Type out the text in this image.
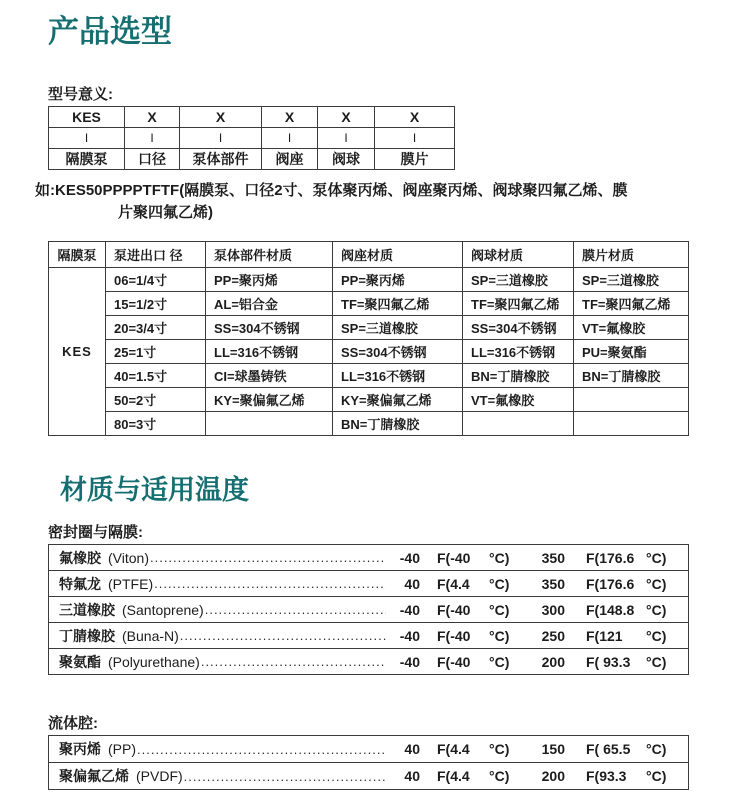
产品选型
型号意义:
KES	X	X	X	X	X
I	I	I	I	I	I
隔膜泵	口径	泵体部件	阀座	阀球	膜片
如:KES50PPPPTFTF(隔膜泵、口径2寸、泵体聚丙烯、阀座聚丙烯、阀球聚四氟乙烯、膜
片聚四氟乙烯)
隔膜泵	泵进出口 径	泵体部件材质	阀座材质	阀球材质	膜片材质
KES	06=1/4寸	PP=聚丙烯	PP=聚丙烯	SP=三道橡胶	SP=三道橡胶
	15=1/2寸	AL=铝合金	TF=聚四氟乙烯	TF=聚四氟乙烯	TF=聚四氟乙烯
	20=3/4寸	SS=304不锈钢	SP=三道橡胶	SS=304不锈钢	VT=氟橡胶
	25=1寸	LL=316不锈钢	SS=304不锈钢	LL=316不锈钢	PU=聚氨酯
	40=1.5寸	CI=球墨铸铁	LL=316不锈钢	BN=丁腈橡胶	BN=丁腈橡胶
	50=2寸	KY=聚偏氟乙烯	KY=聚偏氟乙烯	VT=氟橡胶	
	80=3寸		BN=丁腈橡胶		
材质与适用温度
密封圈与隔膜:
氟橡胶 (Viton) .....	-40 F(-40	°C)	350 F(176.6 °C)
特氟龙 (PTFE) .....	40 F(4.4	°C)	350 F(176.6 °C)
三道橡胶 (Santoprene) .....	-40 F(-40	°C)	300 F(148.8 °C)
丁腈橡胶 (Buna-N) .....	-40 F(-40	°C)	250 F(121	°C)
聚氨酯 (Polyurethane) .....	-40 F(-40	°C)	200 F( 93.3	°C)
流体腔:
聚丙烯 (PP) .....	40 F(4.4	°C)	150 F( 65.5	°C)
聚偏氟乙烯 (PVDF) .....	40 F(4.4	°C)	200 F(93.3	°C)
